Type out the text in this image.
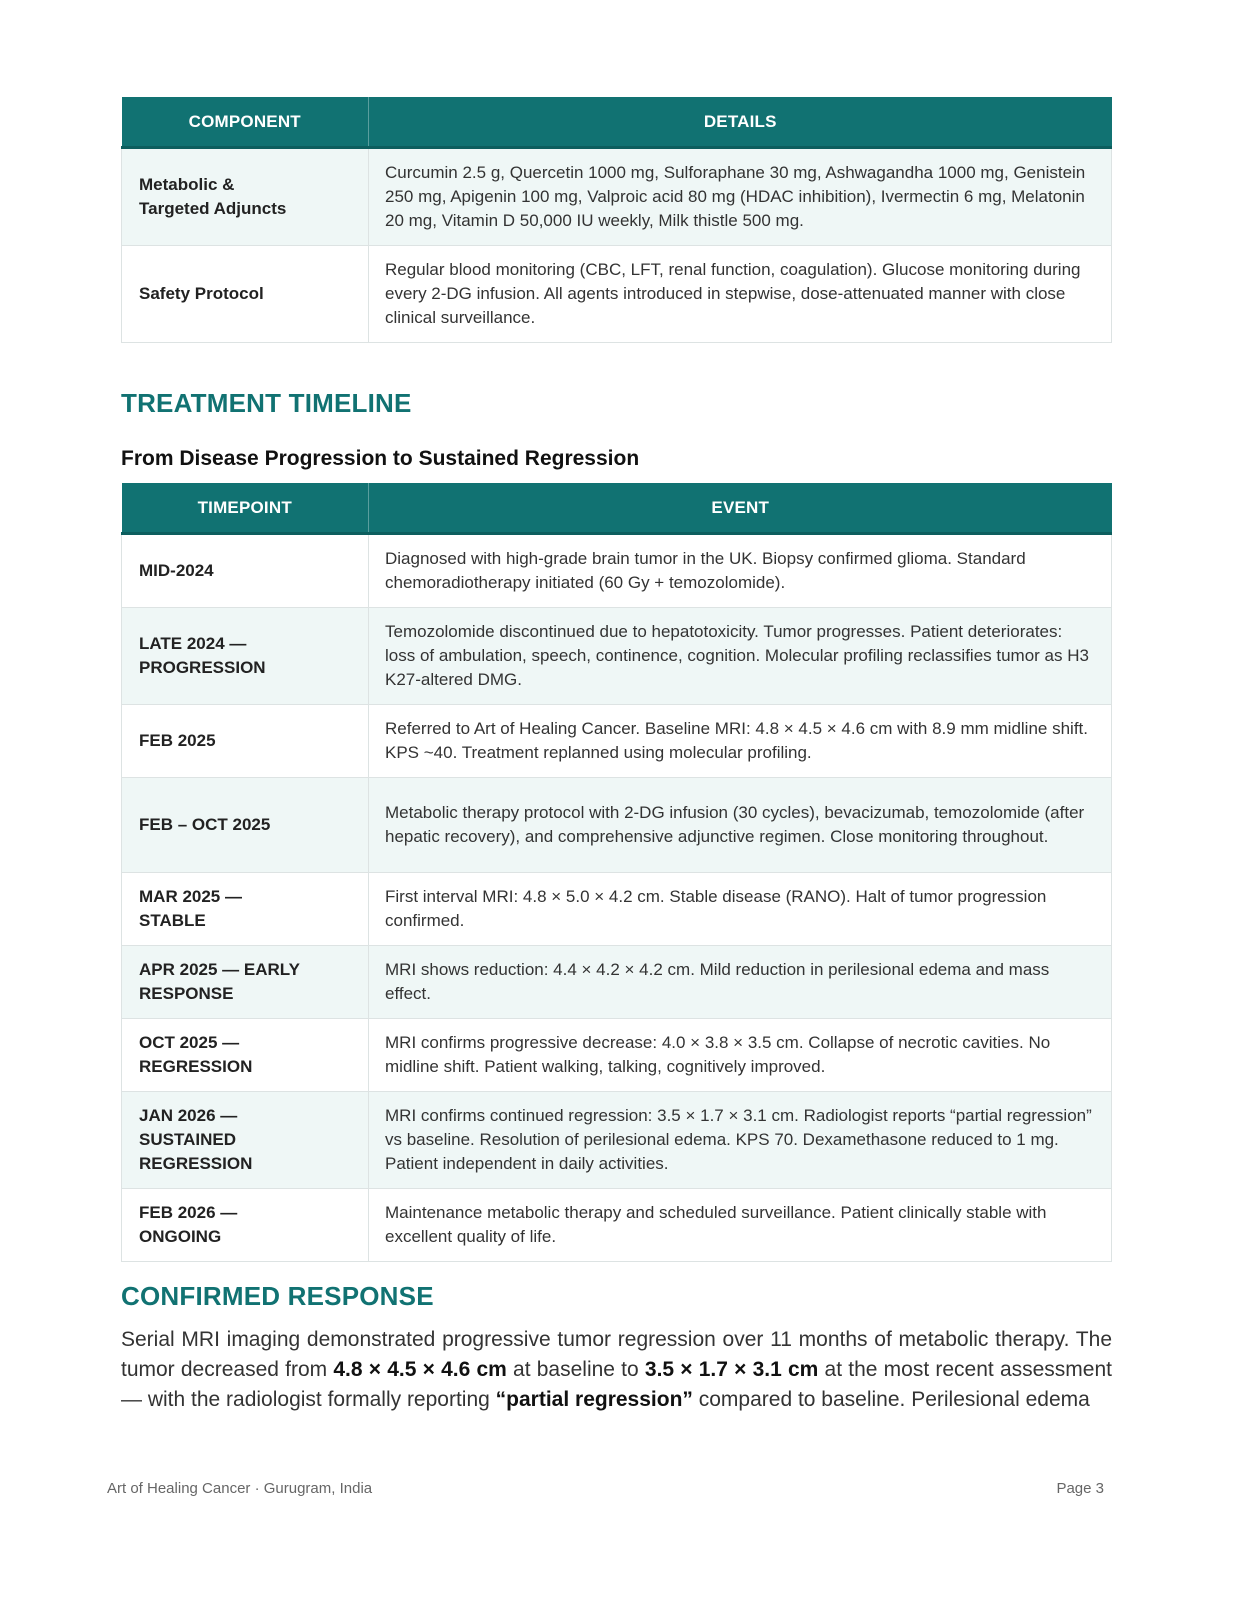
COMPONENT	DETAILS
Metabolic & Targeted Adjuncts	Curcumin 2.5 g, Quercetin 1000 mg, Sulforaphane 30 mg, Ashwagandha 1000 mg, Genistein 250 mg, Apigenin 100 mg, Valproic acid 80 mg (HDAC inhibition), Ivermectin 6 mg, Melatonin 20 mg, Vitamin D 50,000 IU weekly, Milk thistle 500 mg.
Safety Protocol	Regular blood monitoring (CBC, LFT, renal function, coagulation). Glucose monitoring during every 2-DG infusion. All agents introduced in stepwise, dose-attenuated manner with close clinical surveillance.
TREATMENT TIMELINE
From Disease Progression to Sustained Regression
TIMEPOINT	EVENT
MID-2024	Diagnosed with high-grade brain tumor in the UK. Biopsy confirmed glioma. Standard chemoradiotherapy initiated (60 Gy + temozolomide).
LATE 2024 — PROGRESSION	Temozolomide discontinued due to hepatotoxicity. Tumor progresses. Patient deteriorates: loss of ambulation, speech, continence, cognition. Molecular profiling reclassifies tumor as H3 K27-altered DMG.
FEB 2025	Referred to Art of Healing Cancer. Baseline MRI: 4.8 × 4.5 × 4.6 cm with 8.9 mm midline shift. KPS ~40. Treatment replanned using molecular profiling.
FEB – OCT 2025	Metabolic therapy protocol with 2-DG infusion (30 cycles), bevacizumab, temozolomide (after hepatic recovery), and comprehensive adjunctive regimen. Close monitoring throughout.
MAR 2025 — STABLE	First interval MRI: 4.8 × 5.0 × 4.2 cm. Stable disease (RANO). Halt of tumor progression confirmed.
APR 2025 — EARLY RESPONSE	MRI shows reduction: 4.4 × 4.2 × 4.2 cm. Mild reduction in perilesional edema and mass effect.
OCT 2025 — REGRESSION	MRI confirms progressive decrease: 4.0 × 3.8 × 3.5 cm. Collapse of necrotic cavities. No midline shift. Patient walking, talking, cognitively improved.
JAN 2026 — SUSTAINED REGRESSION	MRI confirms continued regression: 3.5 × 1.7 × 3.1 cm. Radiologist reports “partial regression” vs baseline. Resolution of perilesional edema. KPS 70. Dexamethasone reduced to 1 mg. Patient independent in daily activities.
FEB 2026 — ONGOING	Maintenance metabolic therapy and scheduled surveillance. Patient clinically stable with excellent quality of life.
CONFIRMED RESPONSE

Serial MRI imaging demonstrated progressive tumor regression over 11 months of metabolic therapy. The tumor decreased from 4.8 × 4.5 × 4.6 cm at baseline to 3.5 × 1.7 × 3.1 cm at the most recent assessment — with the radiologist formally reporting “partial regression” compared to baseline. Perilesional edema

Art of Healing Cancer · Gurugram, India	Page 3
